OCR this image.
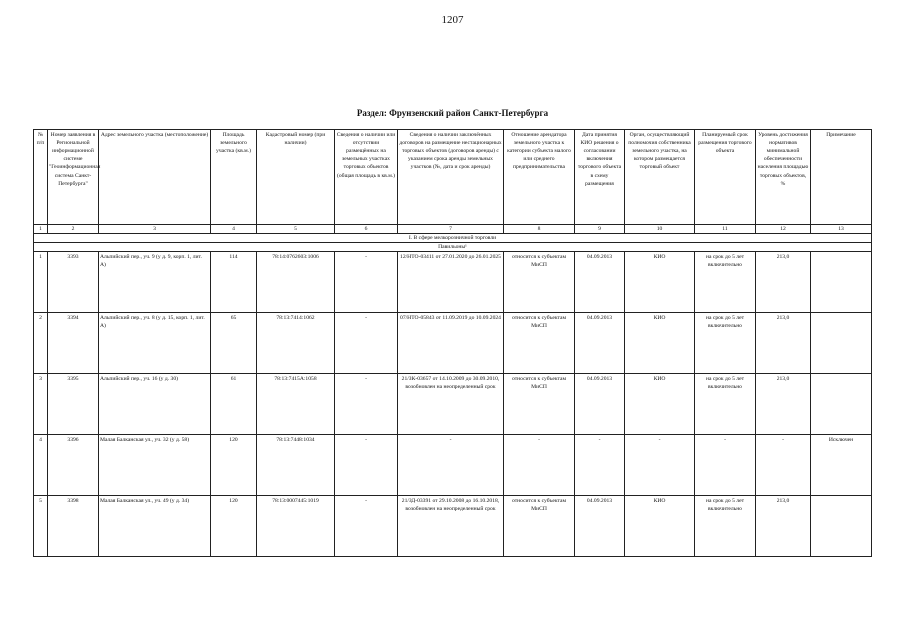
1207
Раздел: Фрунзенский район Санкт-Петербурга
№ п/п	Номер заявления в Региональной информационной системе "Геоинформационная система Санкт-Петербурга"	Адрес земельного участка (местоположение)	Площадь земельного участка (кв.м.)	Кадастровый номер (при наличии)	Сведения о наличии или отсутствии размещённых на земельных участках торговых объектов (общая площадь в кв.м.)	Сведения о наличии заключённых договоров на размещение нестационарных торговых объектов (договоров аренды) с указанием срока аренды земельных участков (№, дата и срок аренды)	Отношение арендатора земельного участка к категории субъекта малого или среднего предпринимательства	Дата принятия КИО решения о согласовании включения торгового объекта в схему размещения	Орган, осуществляющий полномочия собственника земельного участка, на котором размещается торговый объект	Планируемый срок размещения торгового объекта	Уровень достижения нормативов минимальной обеспеченности населения площадью торговых объектов, %	Примечание
1	2	3	4	5	6	7	8	9	10	11	12	13
I. В сфере мелкорозничной торговли												
Павильоны¹												
1	3393	Альпийский пер., уч. 9 (у д. 9, корп. 1, лит. А)	114	78:14:0762603:1006	-	12/НТО-03411 от 27.01.2020 до 26.01.2025	относится к субъектам МиСП	04.09.2013	КИО	на срок до 5 лет включительно	213,0	
2	3394	Альпийский пер., уч. 8 (у д. 15, корп. 1, лит. А)	65	78:13:7414:1062	-	07/НТО-05843 от 11.09.2019 до 10.09.2024	относится к субъектам МиСП	04.09.2013	КИО	на срок до 5 лет включительно	213,0	
3	3395	Альпийский пер., уч. 16 (у д. 30)	61	78:13:7415А:1058	-	21/ЗК-03657 от 14.10.2009 до 30.09.2010, возобновлен на неопределенный срок	относится к субъектам МиСП	04.09.2013	КИО	на срок до 5 лет включительно	213,0	
4	3396	Малая Балканская ул., уч. 32 (у д. 58)	120	78:13:7448:1034	-	-	-	-	-	-	-	Исключен
5	3398	Малая Балканская ул., уч. 49 (у д. 34)	120	78:13:0007445:1019	-	21/ЗД-03391 от 29.10.2008 до 16.10.2018, возобновлен на неопределенный срок	относится к субъектам МиСП	04.09.2013	КИО	на срок до 5 лет включительно	213,0	
